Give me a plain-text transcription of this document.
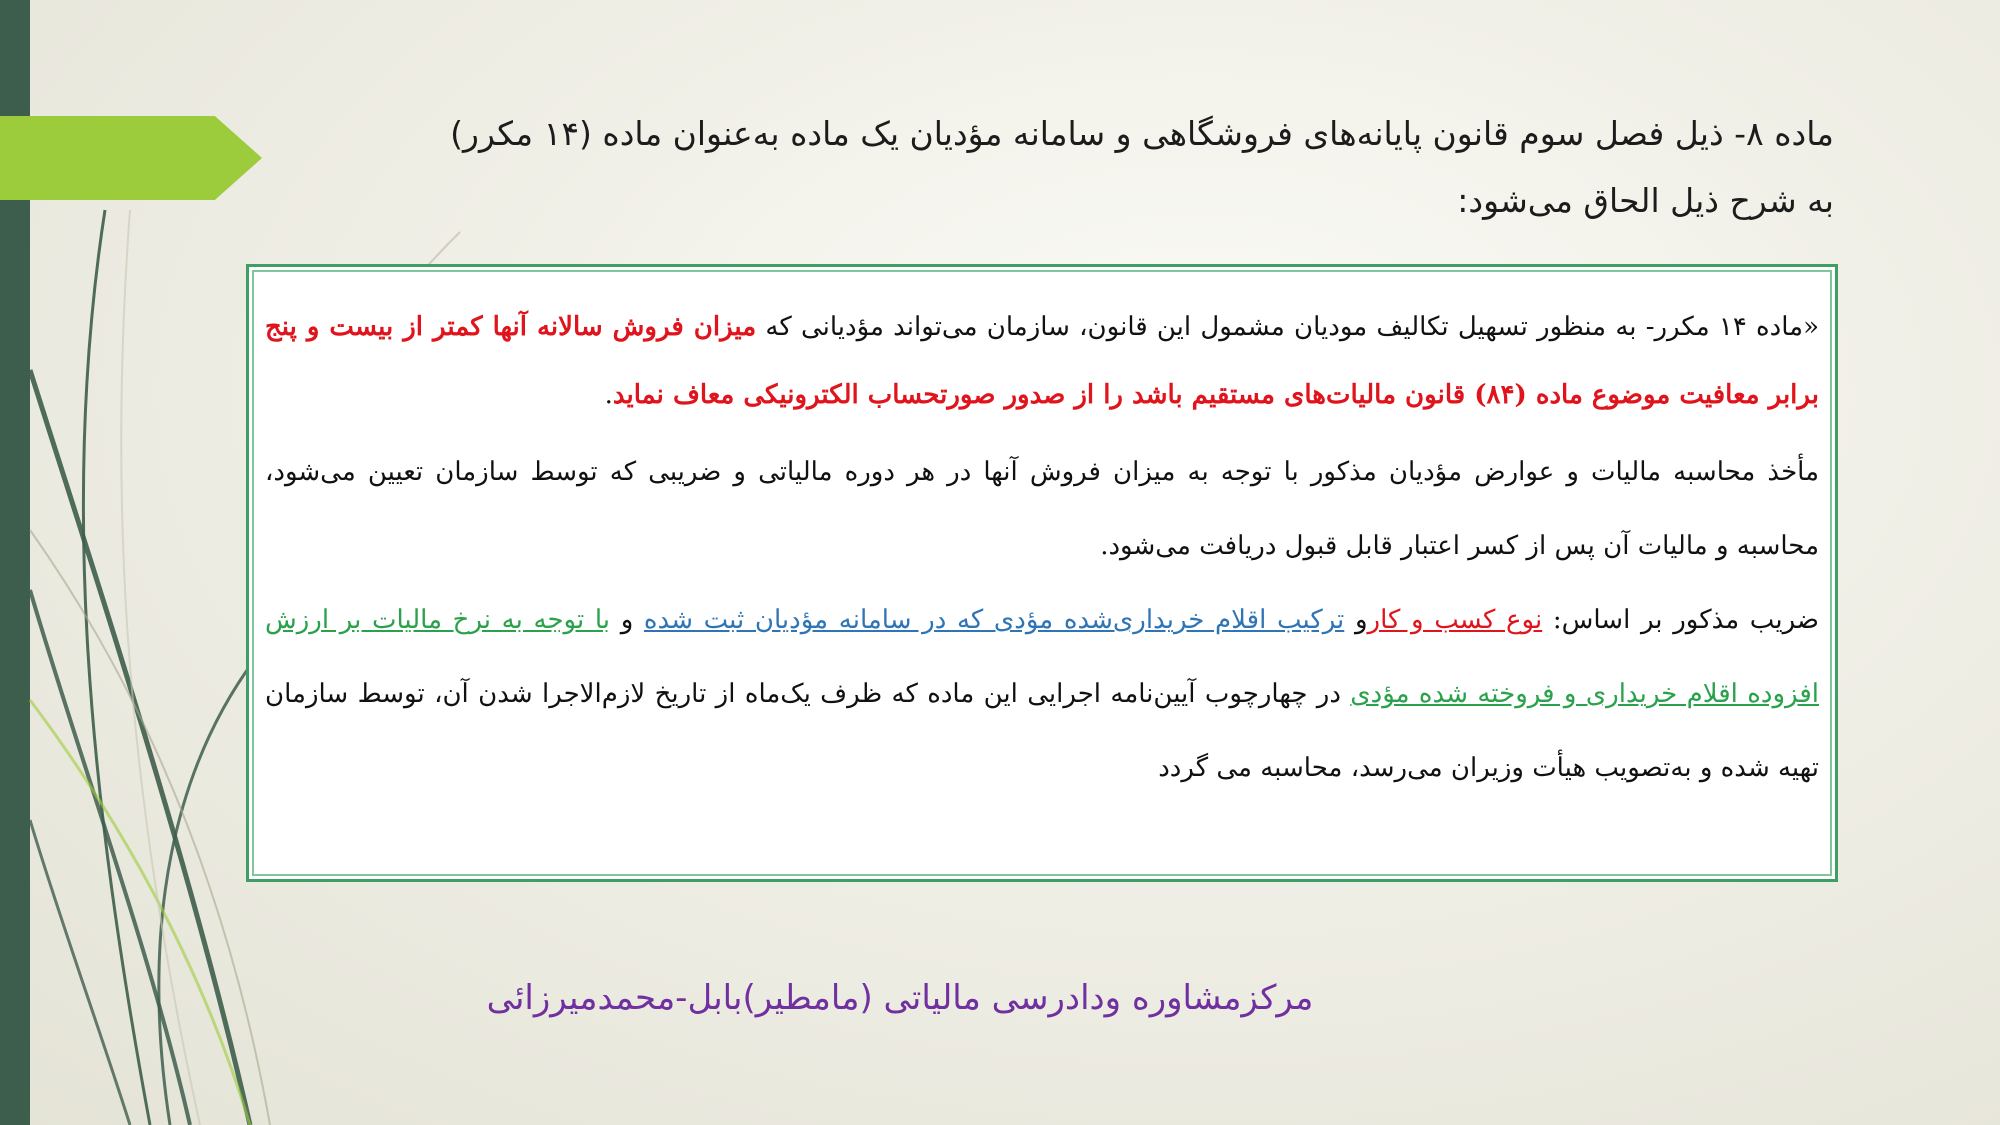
ماده ۸- ذیل فصل سوم قانون پایانه‌های فروشگاهی و سامانه مؤدیان یک ماده به‌عنوان ماده (۱۴ مکرر)
به شرح ذیل الحاق می‌شود:

«ماده ۱۴ مکرر- به منظور تسهیل تکالیف مودیان مشمول این قانون، سازمان می‌تواند مؤدیانی که میزان فروش سالانه آنها کمتر از بیست و پنج برابر معافیت موضوع ماده (۸۴) قانون مالیات‌های مستقیم باشد را از صدور صورتحساب الکترونیکی معاف نماید.

مأخذ محاسبه مالیات و عوارض مؤدیان مذکور با توجه به میزان فروش آنها در هر دوره مالیاتی و ضریبی که توسط سازمان تعیین می‌شود، محاسبه و مالیات آن پس از کسر اعتبار قابل قبول دریافت می‌شود.

ضریب مذکور بر اساس: نوع کسب و کارو ترکیب اقلام خریداری‌شده مؤدی که در سامانه مؤدیان ثبت شده و با توجه به نرخ مالیات بر ارزش افزوده اقلام خریداری و فروخته شده مؤدی در چهارچوب آیین‌نامه اجرایی این ماده که ظرف یک‌ماه از تاریخ لازم‌الاجرا شدن آن، توسط سازمان تهیه شده و به‌تصویب هیأت وزیران می‌رسد، محاسبه می گردد

مرکزمشاوره ودادرسی مالیاتی (مامطیر)بابل-محمدمیرزائی
